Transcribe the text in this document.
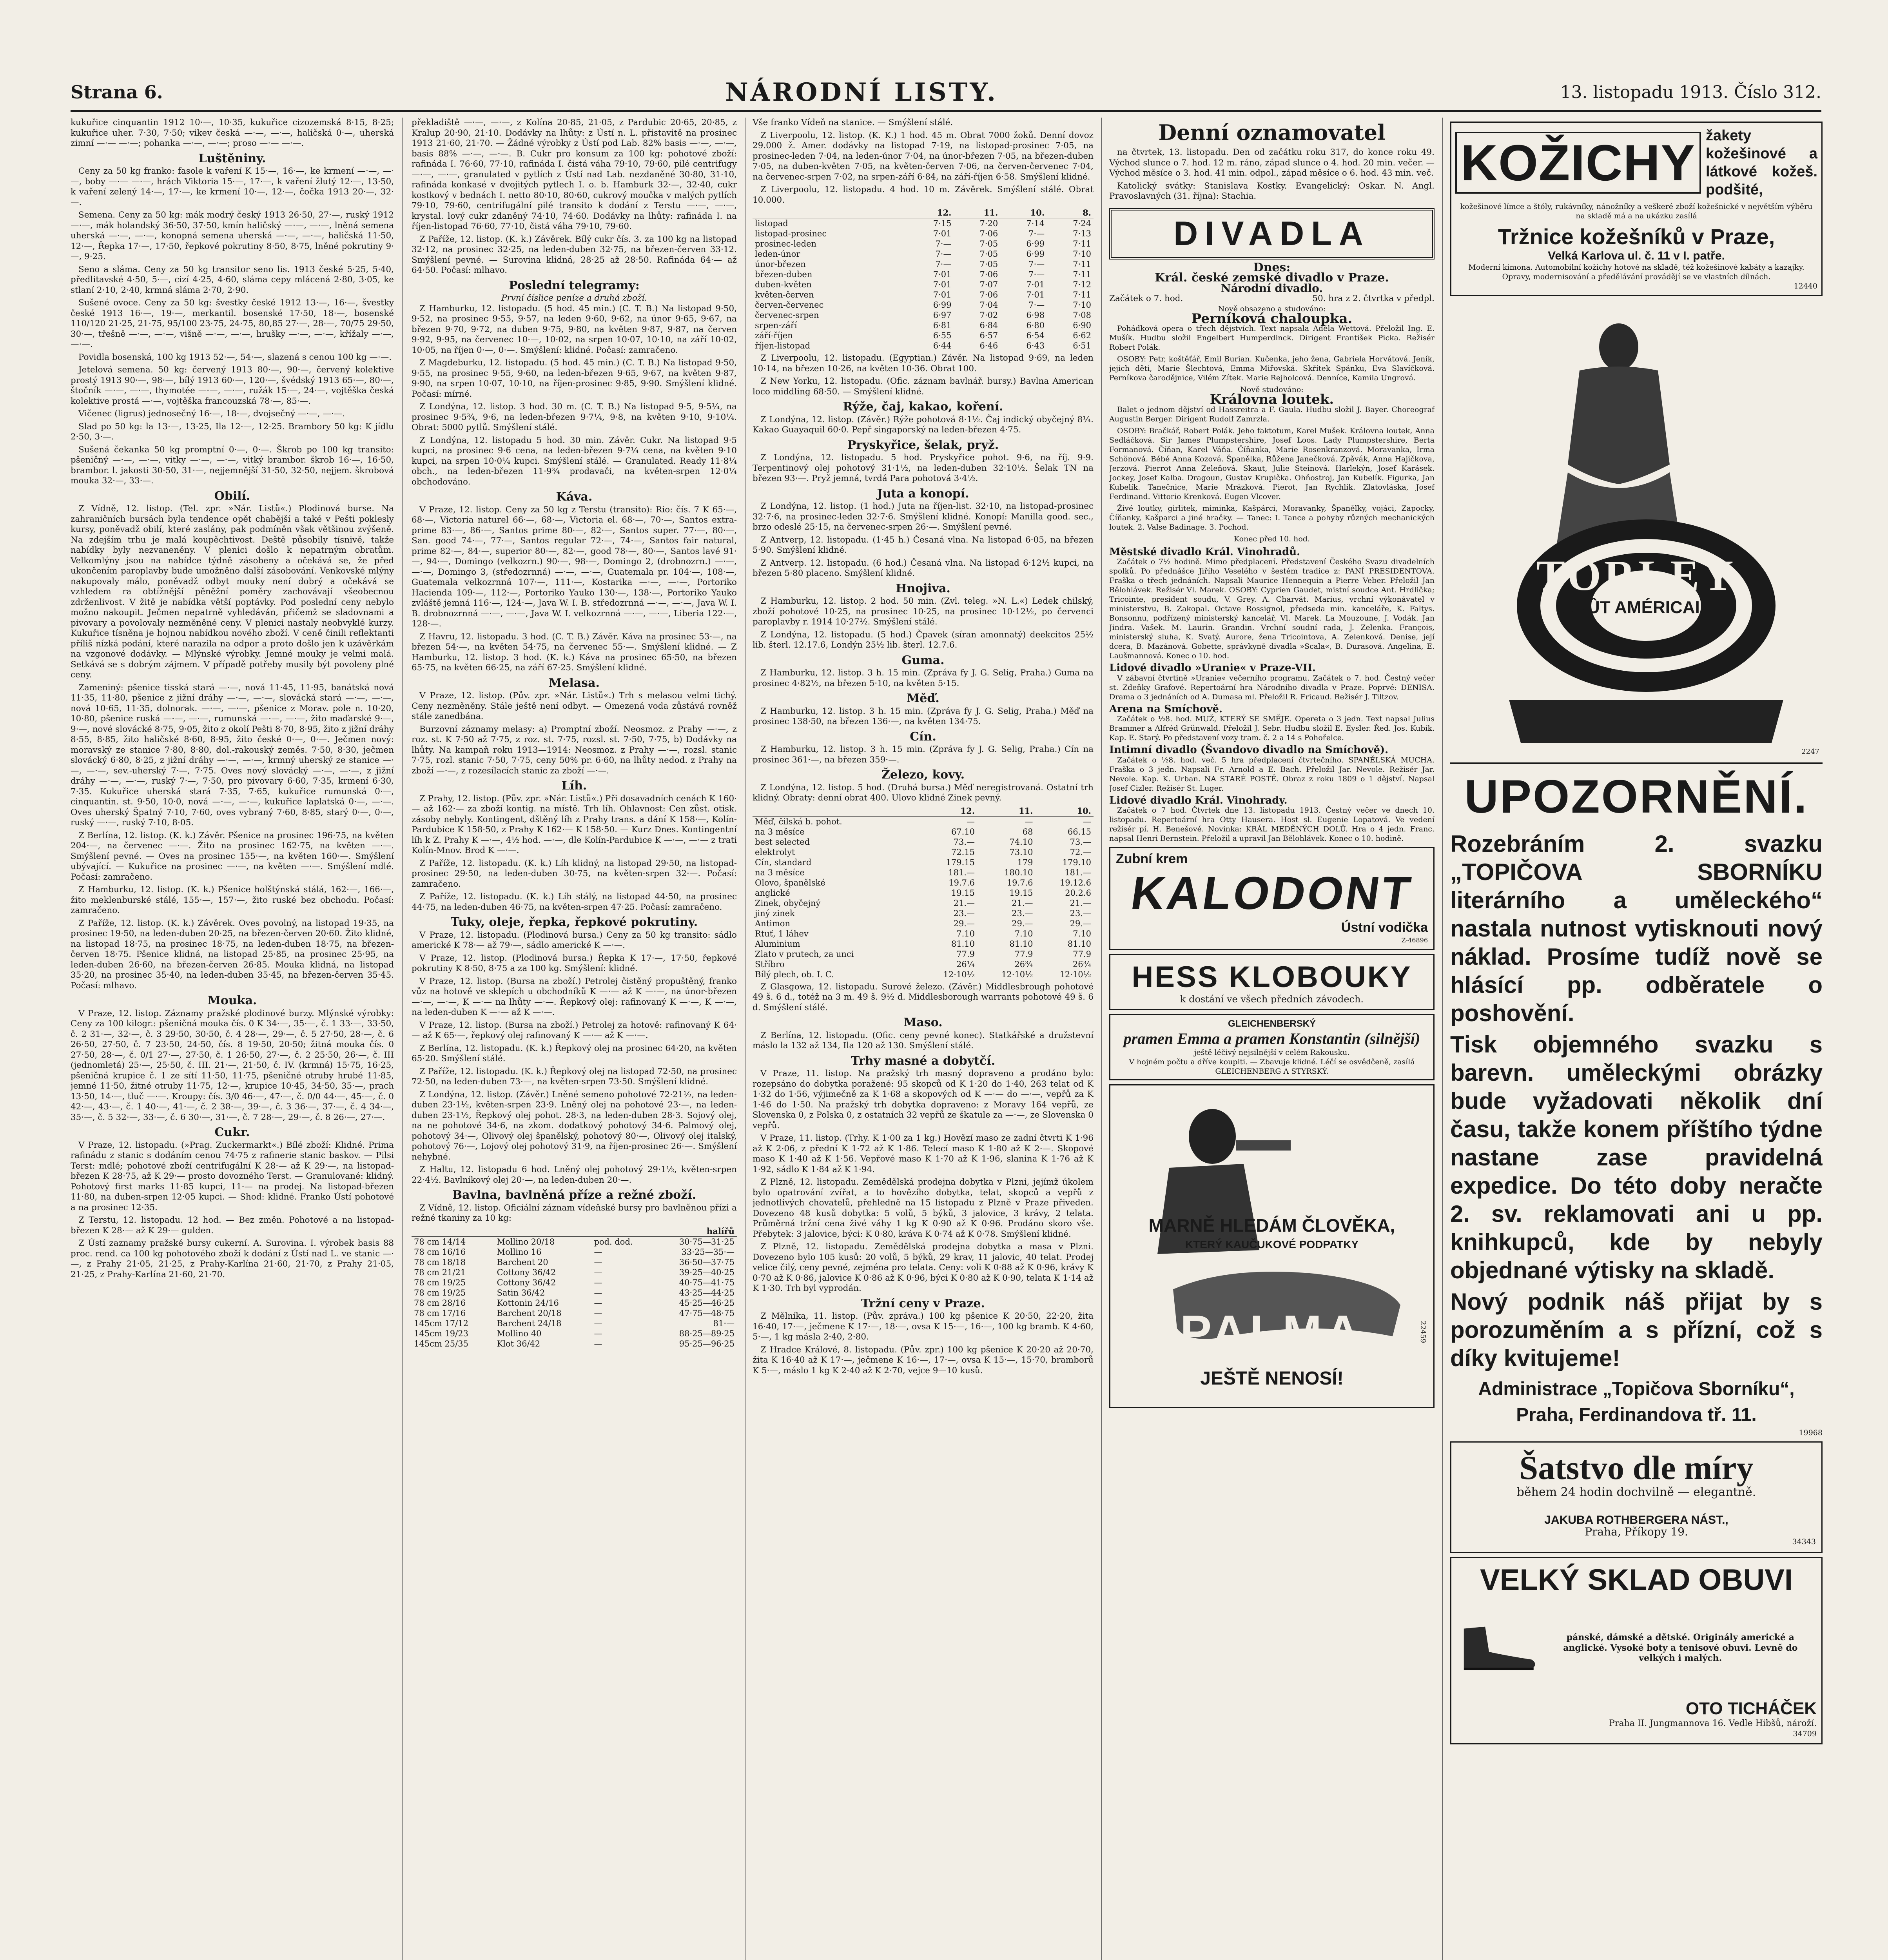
Strana 6.	NÁRODNÍ LISTY.	13. listopadu 1913. Číslo 312.
kukuřice cinquantin 1912 10·—, 10·35, kukuřice cizozemská 8·15, 8·25; kukuřice uher. 7·30, 7·50; vikev česká —·—, —·—, haličská 0·—, uherská zimní —·— —·—; pohanka —·—, —·—; proso —·— —·—.
Luštěniny.

Ceny za 50 kg franko: fasole k vaření K 15·—, 16·—, ke krmení —·—, —·—, boby —·— —·—, hrách Viktoria 15·—, 17·—, k vaření žlutý 12·—, 13·50, k vaření zelený 14·—, 17·—, ke krmení 10·—, 12·—, čočka 1913 20·—, 32·—.

Semena. Ceny za 50 kg: mák modrý český 1913 26·50, 27·—, ruský 1912 —·—, mák holandský 36·50, 37·50, kmín haličský —·—, —·—, lněná semena uherská —·—, —·—, konopná semena uherská —·—, —·—, haličská 11·50, 12·—, Řepka 17·—, 17·50, řepkové pokrutiny 8·50, 8·75, lněné pokrutiny 9·—, 9·25.

Seno a sláma. Ceny za 50 kg transitor seno lis. 1913 české 5·25, 5·40, předlitavské 4·50, 5·—, cizí 4·25, 4·60, sláma cepy mlácená 2·80, 3·05, ke stlaní 2·10, 2·40, krmná sláma 2·70, 2·90.

Sušené ovoce. Ceny za 50 kg: švestky české 1912 13·—, 16·—, švestky české 1913 16·—, 19·—, merkantil. bosenské 17·50, 18·—, bosenské 110/120 21·25, 21·75, 95/100 23·75, 24·75, 80,85 27·—, 28·—, 70/75 29·50, 30·—, třešně —·—, —·—, višně —·—, —·—, hrušky —·—, —·—, křížaly —·—, —·—.

Povidla bosenská, 100 kg 1913 52·—, 54·—, slazená s cenou 100 kg —·—.

Jetelová semena. 50 kg: červený 1913 80·—, 90·—, červený kolektive prostý 1913 90·—, 98·—, bílý 1913 60·—, 120·—, švédský 1913 65·—, 80·—, štočník —·—, —·—, thymotée —·—, —·—, ružák 15·—, 24·—, vojtěška česká kolektive prostá —·—, vojtěška francouzská 78·—, 85·—.

Vičenec (ligrus) jednosečný 16·—, 18·—, dvojsečný —·—, —·—.

Slad po 50 kg: la 13·—, 13·25, Ila 12·—, 12·25. Brambory 50 kg: K jídlu 2·50, 3·—.

Sušená čekanka 50 kg promptní 0·—, 0·—. Škrob po 100 kg transito: pšeničný —·—, —·—, vitky —·—, —·—, vitký brambor. škrob 16·—, 16·50, brambor. l. jakosti 30·50, 31·—, nejjemnější 31·50, 32·50, nejjem. škrobová mouka 32·—, 33·—.

Obilí.

Z Vídně, 12. listop. (Tel. zpr. »Nár. Listů«.) Plodinová burse. Na zahraničních bursách byla tendence opět chabější a také v Pešti poklesly kursy, poněvadž obilí, které zaslány, pak podmíněn však většinou zvýšeně. Na zdejším trhu je malá koupěchtivost. Deště působily tísnivě, takže nabídky byly nezvaneněny. V plenici došlo k nepatrným obratům. Velkomlýny jsou na nabídce týdně zásobeny a očekává se, že před ukončením paroplavby bude umožněno další zásobování. Venkovské mlýny nakupovaly málo, poněvadž odbyt mouky není dobrý a očekává se vzhledem ra obtížnější pěněžní poměry zachovávají všeobecnou zdrženlivost. V žitě je nabídka větší poptávky. Pod poslední ceny nebylo možno nakoupit. Ječmen nepatrně vyhledáván, přičemž se sladovnami a pivovary a povolovaly nezměněné ceny. V plenici nastaly neobvyklé kurzy. Kukuřice tísněna je hojnou nabídkou nového zboží. V ceně činili reflektanti příliš nízká podání, které narazila na odpor a proto došlo jen k uzávěrkám na vzgonové dodávky. — Mlýnské výrobky. Jemné mouky je velmi malá. Setkává se s dobrým zájmem. V případě potřeby musily být povoleny plné ceny.

Zameniný: pšenice tisská stará —·—, nová 11·45, 11·95, banátská nová 11·35, 11·80, pšenice z jižní dráhy —·—, —·—, slovácká stará —·—, —·—, nová 10·65, 11·35, dolnorak. —·—, —·—, pšenice z Morav. pole n. 10·20, 10·80, pšenice ruská —·—, —·—, rumunská —·—, —·—, žito maďarské 9·—, 9·—, nové slovácké 8·75, 9·05, žito z okolí Pešti 8·70, 8·95, žito z jižní dráhy 8·55, 8·85, žito haličské 8·60, 8·95, žito české 0·—, 0·—. Ječmen nový: moravský ze stanice 7·80, 8·80, dol.-rakouský zeměs. 7·50, 8·30, ječmen slovácký 6·80, 8·25, z jižní dráhy —·—, —·—, krmný uherský ze stanice —·—, —·—, sev.-uherský 7·—, 7·75. Oves nový slovácký —·—, —·—, z jižní dráhy —·—, —·—, ruský 7·—, 7·50, pro pivovary 6·60, 7·35, krmení 6·30, 7·35. Kukuřice uherská stará 7·35, 7·65, kukuřice rumunská 0·—, cinquantin. st. 9·50, 10·0, nová —·—, —·—, kukuřice laplatská 0·—, —·—. Oves uherský Špatný 7·10, 7·60, oves vybraný 7·60, 8·85, starý 0·—, 0·—, ruský —·—, ruský 7·10, 8·05.

Z Berlína, 12. listop. (K. k.) Závěr. Pšenice na prosinec 196·75, na květen 204·—, na červenec —·—. Žito na prosinec 162·75, na květen —·—. Smýšlení pevné. — Oves na prosinec 155·—, na květen 160·—. Smýšlení ubývající. — Kukuřice na prosinec —·—, na květen —·—. Smýšlení mdlé. Počasí: zamračeno.

Z Hamburku, 12. listop. (K. k.) Pšenice holštýnská stálá, 162·—, 166·—, žito meklenburské stálé, 155·—, 157·—, žito ruské bez obchodu. Počasí: zamračeno.

Z Paříže, 12. listop. (K. k.) Závěrek. Oves povolný, na listopad 19·35, na prosinec 19·50, na leden-duben 20·25, na březen-červen 20·60. Žito klidné, na listopad 18·75, na prosinec 18·75, na leden-duben 18·75, na březen-červen 18·75. Pšenice klidná, na listopad 25·85, na prosinec 25·95, na leden-duben 26·60, na březen-červen 26·85. Mouka klidná, na listopad 35·20, na prosinec 35·40, na leden-duben 35·45, na březen-červen 35·45. Počasí: mlhavo.

Mouka.

V Praze, 12. listop. Záznamy pražské plodinové burzy. Mlýnské výrobky: Ceny za 100 kilogr.: pšeničná mouka čís. 0 K 34·—, 35·—, č. 1 33·—, 33·50, č. 2 31·—, 32·—, č. 3 29·50, 30·50, č. 4 28·—, 29·—, č. 5 27·50, 28·—, č. 6 26·50, 27·50, č. 7 23·50, 24·50, čís. 8 19·50, 20·50; žitná mouka čís. 0 27·50, 28·—, č. 0/1 27·—, 27·50, č. 1 26·50, 27·—, č. 2 25·50, 26·—, č. III (jednomletá) 25·—, 25·50, č. III. 21·—, 21·50, č. IV. (krmná) 15·75, 16·25, pšeničná krupice č. 1 ze sítí 11·50, 11·75, pšeničné otruby hrubé 11·85, jemné 11·50, žitné otruby 11·75, 12·—, krupice 10·45, 34·50, 35·—, prach 13·50, 14·—, tluč —·—. Kroupy: čís. 3/0 46·—, 47·—, č. 0/0 44·—, 45·—, č. 0 42·—, 43·—, č. 1 40·—, 41·—, č. 2 38·—, 39·—, č. 3 36·—, 37·—, č. 4 34·—, 35·—, č. 5 32·—, 33·—, č. 6 30·—, 31·—, č. 7 28·—, 29·—, č. 8 26·—, 27·—.

Cukr.

V Praze, 12. listopadu. (»Prag. Zuckermarkt«.) Bílé zboží: Klidné. Prima rafinádu z stanic s dodáním cenou 74·75 z rafinerie stanic baskov. — Pilsi Terst: mdlé; pohotové zboží centrifugální K 28·— až K 29·—, na listopad-březen K 28·75, až K 29·— prosto dovozného Terst. — Granulované: klidný. Pohotový first marks 11·85 kupci, 11·— na prodej. Na listopad-březen 11·80, na duben-srpen 12·05 kupci. — Shod: klidné. Franko Ústí pohotové a na prosinec 12·35.

Z Terstu, 12. listopadu. 12 hod. — Bez změn. Pohotové a na listopad-březen K 28·— až K 29·— gulden.

Z Ústí zaznamy pražské bursy cukerní. A. Surovina. I. výrobek basis 88 proc. rend. ca 100 kg pohotového zboží k dodání z Ústí nad L. ve stanic —·—, z Prahy 21·05, 21·25, z Prahy-Karlína 21·60, 21·70, z Prahy 21·05, 21·25, z Prahy-Karlína 21·60, 21·70.

překladiště —·—, —·—, z Kolína 20·85, 21·05, z Pardubic 20·65, 20·85, z Kralup 20·90, 21·10. Dodávky na lhůty: z Ústí n. L. přistavitě na prosinec 1913 21·60, 21·70. — Žádné výrobky z Ústí pod Lab. 82% basis —·—, —·—, basis 88% —·—, —·—. B. Cukr pro konsum za 100 kg: pohotové zboží: rafináda I. 76·60, 77·10, rafináda I. čistá váha 79·10, 79·60, pilé centrifugy —·—, —·—, granulated v pytlích z Ústí nad Lab. nezdaněné 30·80, 31·10, rafináda konkasé v dvojitých pytlech I. o. b. Hamburk 32·—, 32·40, cukr kostkový v bednách I. netto 80·10, 80·60, cukrový moučka v malých pytlích 79·10, 79·60, centrifugální pilé transito k dodání z Terstu —·—, —·—, krystal. lový cukr zdaněný 74·10, 74·60. Dodávky na lhůty: rafináda I. na říjen-listopad 76·60, 77·10, čistá váha 79·10, 79·60.

Z Paříže, 12. listop. (K. k.) Závěrek. Bílý cukr čís. 3. za 100 kg na listopad 32·12, na prosinec 32·25, na leden-duben 32·75, na březen-červen 33·12. Smýšlení pevné. — Surovina klidná, 28·25 až 28·50. Rafináda 64·— až 64·50. Počasí: mlhavo.

Poslední telegramy:
První číslice peníze a druhá zboží.

Z Hamburku, 12. listopadu. (5 hod. 45 min.) (C. T. B.) Na listopad 9·50, 9·52, na prosinec 9·55, 9·57, na leden 9·60, 9·62, na únor 9·65, 9·67, na březen 9·70, 9·72, na duben 9·75, 9·80, na květen 9·87, 9·87, na červen 9·92, 9·95, na červenec 10·—, 10·02, na srpen 10·07, 10·10, na září 10·02, 10·05, na říjen 0·—, 0·—. Smýšlení: klidné. Počasí: zamračeno.

Z Magdeburku, 12. listopadu. (5 hod. 45 min.) (C. T. B.) Na listopad 9·50, 9·55, na prosinec 9·55, 9·60, na leden-březen 9·65, 9·67, na květen 9·87, 9·90, na srpen 10·07, 10·10, na říjen-prosinec 9·85, 9·90. Smýšlení klidné. Počasí: mírné.

Z Londýna, 12. listop. 3 hod. 30 m. (C. T. B.) Na listopad 9·5, 9·5¼, na prosinec 9·5¾, 9·6, na leden-březen 9·7¼, 9·8, na květen 9·10, 9·10¼. Obrat: 5000 pytlů. Smýšlení stálé.

Z Londýna, 12. listopadu 5 hod. 30 min. Závěr. Cukr. Na listopad 9·5 kupci, na prosinec 9·6 cena, na leden-březen 9·7¼ cena, na květen 9·10 kupci, na srpen 10·0¼ kupci. Smýšlení stálé. — Granulated. Ready 11·8¼ obch., na leden-březen 11·9¾ prodavači, na květen-srpen 12·0¼ obchodováno.

Káva.

V Praze, 12. listop. Ceny za 50 kg z Terstu (transito): Rio: čís. 7 K 65·—, 68·—, Victoria naturel 66·—, 68·—, Victoria el. 68·—, 70·—, Santos extra-prime 83·—, 86·—, Santos prime 80·—, 82·—, Santos super. 77·—, 80·—, San. good 74·—, 77·—, Santos regular 72·—, 74·—, Santos fair natural, prime 82·—, 84·—, superior 80·—, 82·—, good 78·—, 80·—, Santos lavé 91·—, 94·—, Domingo (velkozrn.) 90·—, 98·—, Domingo 2, (drobnozrn.) —·—, —·—, Domingo 3, (středozrnná) —·—, —·—, Guatemala pr. 104·—, 108·—, Guatemala velkozrnná 107·—, 111·—, Kostarika —·—, —·—, Portoriko Hacienda 109·—, 112·—, Portoriko Yauko 130·—, 138·—, Portoriko Yauko zvláště jemná 116·—, 124·—, Java W. I. B. středozrnná —·—, —·—, Java W. I. B. drobnozrnná —·—, —·—, Java W. I. velkozrnná —·—, —·—, Liberia 122·—, 128·—.

Z Havru, 12. listopadu. 3 hod. (C. T. B.) Závěr. Káva na prosinec 53·—, na březen 54·—, na květen 54·75, na červenec 55·—. Smýšlení klidné. — Z Hamburku, 12. listop. 3 hod. (K. k.) Káva na prosinec 65·50, na březen 65·75, na květen 66·25, na září 67·25. Smýšlení klidné.

Melasa.

V Praze, 12. listop. (Pův. zpr. »Nár. Listů«.) Trh s melasou velmi tichý. Ceny nezměněny. Stále ještě není odbyt. — Omezená voda zůstává rovněž stále zanedbána.

Burzovní záznamy melasy: a) Promptní zboží. Neosmoz. z Prahy —·—, z roz. st. K 7·50 až 7·75, z roz. st. 7·75, rozsl. st. 7·50, 7·75, b) Dodávky na lhůty. Na kampaň roku 1913—1914: Neosmoz. z Prahy —·—, rozsl. stanic 7·75, rozl. stanic 7·50, 7·75, ceny 50% pr. 6·60, na lhůty nedod. z Prahy na zboží —·—, z rozesílacích stanic za zboží —·—.

Líh.

Z Prahy, 12. listop. (Pův. zpr. »Nár. Listů«.) Při dosavadních cenách K 160·— až 162·— za zboží kontig. na místě. Trh líh. Ohlavnost: Cen zůst. otisk. zásoby nebyly. Kontingent, dštěný líh z Prahy trans. a dání K 158·—, Kolín-Pardubice K 158·50, z Prahy K 162·— K 158·50. — Kurz Dnes. Kontingentní líh k Z. Prahy K —·—, 4½ hod. —·—, dle Kolín-Pardubice K —·—, —·— z trati Kolín-Mnov. Brod K —·—.

Z Paříže, 12. listopadu. (K. k.) Líh klidný, na listopad 29·50, na listopad-prosinec 29·50, na leden-duben 30·75, na květen-srpen 32·—. Počasí: zamračeno.

Z Paříže, 12. listopadu. (K. k.) Líh stálý, na listopad 44·50, na prosinec 44·75, na leden-duben 46·75, na květen-srpen 47·25. Počasí: zamračeno.

Tuky, oleje, řepka, řepkové pokrutiny.

V Praze, 12. listopadu. (Plodinová bursa.) Ceny za 50 kg transito: sádlo americké K 78·— až 79·—, sádlo americké K —·—.

V Praze, 12. listop. (Plodinová bursa.) Řepka K 17·—, 17·50, řepkové pokrutiny K 8·50, 8·75 a za 100 kg. Smýšlení: klidné.

V Praze, 12. listop. (Bursa na zboží.) Petrolej čistěný propuštěný, franko vůz na hotově ve sklepích u obchodníků K —·— až K —·—, na únor-březen —·—, —·—, K —·— na lhůty —·—. Řepkový olej: rafinovaný K —·—, K —·—, na leden-duben K —·— až K —·—.

V Praze, 12. listop. (Bursa na zboží.) Petrolej za hotově: rafinovaný K 64·— až K 65·—, řepkový olej rafinovaný K —·— až K —·—.

Z Berlína, 12. listopadu. (K. k.) Řepkový olej na prosinec 64·20, na květen 65·20. Smýšlení stálé.

Z Paříže, 12. listopadu. (K. k.) Řepkový olej na listopad 72·50, na prosinec 72·50, na leden-duben 73·—, na květen-srpen 73·50. Smýšlení klidné.

Z Londýna, 12. listop. (Závěr.) Lněné semeno pohotové 72·21½, na leden-duben 23·1½, květen-srpen 23·9. Lněný olej na pohotové 23·—, na leden-duben 23·1½, Řepkový olej pohot. 28·3, na leden-duben 28·3. Sojový olej, na ne pohotové 34·6, na zkom. dodatkový pohotový 34·6. Palmový olej, pohotový 34·—, Olivový olej španělský, pohotový 80·—, Olivový olej italský, pohotový 76·—, Lojový olej pohotový 31·9, na říjen-prosinec 26·—. Smýšlení nehybné.

Z Haltu, 12. listopadu 6 hod. Lněný olej pohotový 29·1½, květen-srpen 22·4½. Bavlníkový olej 20·—, na leden-duben 20·—.

Bavlna, bavlněná příze a režné zboží.

Z Vídně, 12. listop. Oficiální záznam vídeňské bursy pro bavlněnou přízi a režné tkaniny za 10 kg:

			halířů
78 cm 14/14	Mollino 20/18	pod. dod.	30·75—31·25
78 cm 16/16	Mollino 16	—	33·25—35·—
78 cm 18/18	Barchent 20	—	36·50—37·75
78 cm 21/21	Cottony 36/42	—	39·25—40·25
78 cm 19/25	Cottony 36/42	—	40·75—41·75
78 cm 19/25	Satin 36/42	—	43·25—44·25
78 cm 28/16	Kottonin 24/16	—	45·25—46·25
78 cm 17/16	Barchent 20/18	—	47·75—48·75
145cm 17/12	Barchent 24/18	—	81·—
145cm 19/23	Mollino 40	—	88·25—89·25
145cm 25/35	Klot 36/42	—	95·25—96·25
Vše franko Vídeň na stanice. — Smýšlení stálé.

Z Liverpoolu, 12. listop. (K. K.) 1 hod. 45 m. Obrat 7000 žoků. Denní dovoz 29.000 ž. Amer. dodávky na listopad 7·19, na listopad-prosinec 7·05, na prosinec-leden 7·04, na leden-únor 7·04, na únor-březen 7·05, na březen-duben 7·05, na duben-květen 7·05, na květen-červen 7·06, na červen-červenec 7·04, na červenec-srpen 7·02, na srpen-září 6·84, na září-říjen 6·58. Smýšlení klidné.

Z Liverpoolu, 12. listopadu. 4 hod. 10 m. Závěrek. Smýšlení stálé. Obrat 10.000.

	12.	11.	10.	8.
listopad	7·15	7·20	7·14	7·24
listopad-prosinec	7·01	7·06	7·—	7·13
prosinec-leden	7·—	7·05	6·99	7·11
leden-únor	7·—	7·05	6·99	7·10
únor-březen	7·—	7·05	7·—	7·11
březen-duben	7·01	7·06	7·—	7·11
duben-květen	7·01	7·07	7·01	7·12
květen-červen	7·01	7·06	7·01	7·11
červen-červenec	6·99	7·04	7·—	7·10
červenec-srpen	6·97	7·02	6·98	7·08
srpen-září	6·81	6·84	6·80	6·90
září-říjen	6·55	6·57	6·54	6·62
říjen-listopad	6·44	6·46	6·43	6·51

Z Liverpoolu, 12. listopadu. (Egyptian.) Závěr. Na listopad 9·69, na leden 10·14, na březen 10·26, na květen 10·36. Obrat 100.

Z New Yorku, 12. listopadu. (Ofic. záznam bavlnář. bursy.) Bavlna American loco middling 68·50. — Smýšlení klidné.

Rýže, čaj, kakao, koření.

Z Londýna, 12. listop. (Závěr.) Rýže pohotová 8·1½. Čaj indický obyčejný 8¼. Kakao Guayaquil 60·0. Pepř singaporský na leden-březen 4·75.

Pryskyřice, šelak, pryž.

Z Londýna, 12. listopadu. 5 hod. Pryskyřice pohot. 9·6, na říj. 9·9. Terpentinový olej pohotový 31·1½, na leden-duben 32·10½. Šelak TN na březen 93·—. Pryž jemná, tvrdá Para pohotová 3·4½.

Juta a konopí.

Z Londýna, 12. listop. (1 hod.) Juta na říjen-list. 32·10, na listopad-prosinec 32·7·6, na prosinec-leden 32·7·6. Smýšlení klidné. Konopí: Manilla good. sec., brzo odeslé 25·15, na červenec-srpen 26·—. Smýšlení pevné.

Z Antverp, 12. listopadu. (1·45 h.) Česaná vlna. Na listopad 6·05, na březen 5·90. Smýšlení klidné.

Z Antverp. 12. listopadu. (6 hod.) Česaná vlna. Na listopad 6·12½ kupci, na březen 5·80 placeno. Smýšlení klidné.

Hnojiva.

Z Hamburku, 12. listop. 2 hod. 50 min. (Zvl. teleg. »N. L.«) Ledek chilský, zboží pohotové 10·25, na prosinec 10·25, na prosinec 10·12½, po červenci paroplavby r. 1914 10·27½. Smýšlení stálé.

Z Londýna, 12. listopadu. (5 hod.) Čpavek (síran amonnatý) deekcitos 25½ lib. šterl. 12.17.6, Londýn 25½ lib. šterl. 12.7.6.

Guma.

Z Hamburku, 12. listop. 3 h. 15 min. (Zpráva fy J. G. Selig, Praha.) Guma na prosinec 4·82½, na březen 5·10, na květen 5·15.

Měď.

Z Hamburku, 12. listop. 3 h. 15 min. (Zpráva fy J. G. Selig, Praha.) Měď na prosinec 138·50, na březen 136·—, na květen 134·75.

Cín.

Z Hamburku, 12. listop. 3 h. 15 min. (Zpráva fy J. G. Selig, Praha.) Cín na prosinec 361·—, na březen 359·—.

Železo, kovy.

Z Londýna, 12. listop. 5 hod. (Druhá bursa.) Měď neregistrovaná. Ostatní trh klidný. Obraty: denní obrat 400. Ulovo klidné Zinek pevný.

	12.	11.	10.
Měď, čilská b. pohot.	—	—	—
na 3 měsíce	67.10	68	66.15
best selected	73.—	74.10	73.—
elektrolyt	72.15	73.10	72.—
Cín, standard	179.15	179	179.10
na 3 měsíce	181.—	180.10	181.—
Olovo, španělské	19.7.6	19.7.6	19.12.6
anglické	19.15	19.15	20.2.6
Zinek, obyčejný	21.—	21.—	21.—
jiný zinek	23.—	23.—	23.—
Antimon	29.—	29.—	29.—
Rtuť, 1 láhev	7.10	7.10	7.10
Aluminium	81.10	81.10	81.10
Zlato v prutech, za unci	77.9	77.9	77.9
Stříbro	26¼	26¾	26¾
Bílý plech, ob. I. C.	12·10½	12·10½	12·10½

Z Glasgowa, 12. listopadu. Surové železo. (Závěr.) Middlesbrough pohotové 49 š. 6 d., totéž na 3 m. 49 š. 9½ d. Middlesborough warrants pohotové 49 š. 6 d. Smýšlení stálé.

Maso.

Z Berlína, 12. listopadu. (Ofic. ceny pevné konec). Statkářské a družstevní máslo la 132 až 134, Ila 120 až 130. Smýšlení stálé.

Trhy masné a dobytčí.

V Praze, 11. listop. Na pražský trh masný dopraveno a prodáno bylo: rozepsáno do dobytka poražené: 95 skopců od K 1·20 do 1·40, 263 telat od K 1·32 do 1·56, výjimečně za K 1·68 a skopových od K —·— do —·—, vepřů za K 1·46 do 1·50. Na pražský trh dobytka dopraveno: z Moravy 164 vepřů, ze Slovenska 0, z Polska 0, z ostatních 32 vepřů ze škatule za —·—, ze Slovenska 0 vepřů.

V Praze, 11. listop. (Trhy. K 1·00 za 1 kg.) Hovězí maso ze zadní čtvrti K 1·96 až K 2·06, z přední K 1·72 až K 1·86. Telecí maso K 1·80 až K 2·—. Skopové maso K 1·40 až K 1·56. Vepřové maso K 1·70 až K 1·96, slanina K 1·76 až K 1·92, sádlo K 1·84 až K 1·94.

Z Plzně, 12. listopadu. Zemědělská prodejna dobytka v Plzni, jejímž úkolem bylo opatrování zvířat, a to hovězího dobytka, telat, skopců a vepřů z jednotlivých chovatelů, přehledně na 15 listopadu z Plzně v Praze přiveden. Dovezeno 48 kusů dobytka: 5 volů, 5 býků, 3 jalovice, 3 krávy, 2 telata. Průměrná tržní cena živé váhy 1 kg K 0·90 až K 0·96. Prodáno skoro vše. Přebytek: 3 jalovice, býci: K 0·80, kráva K 0·74 až K 0·78. Smýšlení klidné.

Z Plzně, 12. listopadu. Zemědělská prodejna dobytka a masa v Plzni. Dovezeno bylo 105 kusů: 20 volů, 5 býků, 29 krav, 11 jalovic, 40 telat. Prodej velice čilý, ceny pevné, zejména pro telata. Ceny: voli K 0·88 až K 0·96, krávy K 0·70 až K 0·86, jalovice K 0·86 až K 0·96, býci K 0·80 až K 0·90, telata K 1·14 až K 1·30. Trh byl vyprodán.

Tržní ceny v Praze.

Z Mělníka, 11. listop. (Pův. zpráva.) 100 kg pšenice K 20·50, 22·20, žita 16·40, 17·—, ječmene K 17·—, 18·—, ovsa K 15·—, 16·—, 100 kg bramb. K 4·60, 5·—, 1 kg másla 2·40, 2·80.

Z Hradce Králové, 8. listopadu. (Pův. zpr.) 100 kg pšenice K 20·20 až 20·70, žita K 16·40 až K 17·—, ječmene K 16·—, 17·—, ovsa K 15·—, 15·70, bramborů K 5·—, máslo 1 kg K 2·40 až K 2·70, vejce 9—10 kusů.

Denní oznamovatel

na čtvrtek, 13. listopadu. Den od začátku roku 317, do konce roku 49. Východ slunce o 7. hod. 12 m. ráno, západ slunce o 4. hod. 20 min. večer. — Východ měsíce o 3. hod. 41 min. odpol., západ měsíce o 6. hod. 43 min. več.

Katolický svátky: Stanislava Kostky. Evangelický: Oskar. N. Angl. Pravoslavných (31. října): Stachia.

DIVADLA
Dnes:
Král. české zemské divadlo v Praze.
Národní divadlo.
Začátek o 7. hod.	50. hra z 2. čtvrtka v předpl.
Nově obsazeno a studováno:
Perníková chaloupka.

Pohádková opera o třech dějstvích. Text napsala Adéla Wettová. Přeložil Ing. E. Mušík. Hudbu složil Engelbert Humperdinck. Dirigent František Picka. Režisér Robert Polák.

OSOBY: Petr, koštěťář, Emil Burian. Kučenka, jeho žena, Gabriela Horvátová. Jeník, jejich děti, Marie Šlechtová, Emma Miřovská. Skřítek Spánku, Eva Slavíčková. Perníkova čarodějnice, Vilém Zítek. Marie Rejholcová. Denníce, Kamila Ungrová.

Nově studováno:
Královna loutek.

Balet o jednom dějství od Hassreitra a F. Gaula. Hudbu složil J. Bayer. Choreograf Augustin Berger. Dirigent Rudolf Zamrzla.

OSOBY: Bračkář, Robert Polák. Jeho faktotum, Karel Mušek. Královna loutek, Anna Sedláčková. Sir James Plumpstershire, Josef Loos. Lady Plumpstershire, Berta Formanová. Číňan, Karel Váňa. Číňanka, Marie Rosenkranzová. Moravanka, Irma Schönová. Bébé Anna Kozová. Španělka, Růžena Janečková. Zpěvák, Anna Hajičkova, Jerzová. Pierrot Anna Zeleňová. Skaut, Julie Steinová. Harlekýn, Josef Karásek. Jockey, Josef Kalba. Dragoun, Gustav Krupička. Ohňostroj, Jan Kubelík. Figurka, Jan Kubelík. Tanečnice, Marie Mrázková. Pierot, Jan Rychlík. Zlatovláska, Josef Ferdinand. Vittorio Krenková. Eugen Vlcover.

Živé loutky, girlitek, miminka, Kašpárci, Moravanky, Španělky, vojáci, Zapocky, Číňanky, Kašparci a jiné hračky. — Tanec: I. Tance a pohyby různých mechanických loutek. 2. Valse Badinage. 3. Pochod.

Konec před 10. hod.
Městské divadlo Král. Vinohradů.

Začátek o 7½ hodině. Mimo předplacení. Představení Českého Svazu divadelních spolků. Po přednášce Jiřího Veselého v šestém tradice z: PANÍ PRESIDENTOVA. Fraška o třech jednáních. Napsali Maurice Hennequin a Pierre Veber. Přeložil Jan Bělohlávek. Režisér Vl. Marek. OSOBY: Cyprien Gaudet, mistní soudce Ant. Hrdlička; Tricointe, president soudu, V. Grey. A. Charvát. Marius, vrchní výkonávatel v ministerstvu, B. Zakopal. Octave Rossignol, předseda min. kanceláře, K. Faltys. Bonsonnu, podřízený ministerský kancelář, Vl. Marek. La Mouzoune, J. Vodák. Jan Jindra. Vašek. M. Laurin. Grandin. Vrchní soudní rada, J. Zelenka. François, ministerský sluha, K. Svatý. Aurore, žena Tricointova, A. Zelenková. Denise, její dcera, B. Mazánová. Gobette, správkyně divadla »Scala«, B. Durasová. Angelina, E. Laušmannová. Konec o 10. hod.

Lidové divadlo »Uranie« v Praze-VII.

V zábavní čtvrtině »Uranie« večerního programu. Začátek o 7. hod. Čestný večer st. Zdeňky Grafové. Repertoární hra Národního divadla v Praze. Poprvé: DENISA. Drama o 3 jednáních od A. Dumasa ml. Přeložil R. Fricaud. Režisér J. Tiltzov.

Arena na Smíchově.

Začátek o ½8. hod. MUŽ, KTERÝ SE SMĚJE. Opereta o 3 jedn. Text napsal Julius Brammer a Alfréd Grünwald. Přeložil J. Sebr. Hudbu složil E. Eysler. Řed. Jos. Kubík. Kap. E. Starý. Po představení vozy tram. č. 2 a 14 s Pohořelce.

Intimní divadlo (Švandovo divadlo na Smíchově).

Začátek o ½8. hod. več. 5 hra předplacení čtvrtečního. SPANĚLSKÁ MUCHA. Fraška o 3 jedn. Napsali Fr. Arnold a E. Bach. Přeložil Jar. Nevole. Režisér Jar. Nevole. Kap. K. Urban. NA STARÉ POSTĚ. Obraz z roku 1809 o 1 dějství. Napsal Josef Cizler. Režisér St. Luger.

Lidové divadlo Král. Vinohrady.

Začátek o 7 hod. Čtvrtek dne 13. listopadu 1913. Čestný večer ve dnech 10. listopadu. Repertoární hra Otty Hausera. Host sl. Eugenie Lopatová. Ve vedení režisér pí. H. Benešové. Novinka: KRÁL MEDĚNÝCH DOLŮ. Hra o 4 jedn. Franc. napsal Henri Bernstein. Přeložil a upravil Jan Bělohlávek. Konec o 10. hodině.

Zubní krem
KALODONT
Ústní vodička
Z-46896
HESS KLOBOUKY
k dostání ve všech předních závodech.
GLEICHENBERSKÝ
pramen Emma a pramen Konstantin (silnější)
ještě léčivý nejsilnější v celém Rakousku.
V hojném počtu a dříve koupiti. — Zbavuje klidné. Léčí se osvědčeně, zasílá GLEICHENBERG A STYRSKÝ.
MARNĚ HLEDÁM ČLOVĚKA,
KTERÝ KAUČUKOVÉ PODPATKY
PALMA
JEŠTĚ NENOSÍ!
22459
KOŽICHY žakety kožešinové a látkové kožeš. podšité,
kožešinové límce a štóly, rukávníky, nánožníky a veškeré zboží kožešnické v největším výběru na skladě má a na ukázku zasílá
Tržnice kožešníků v Praze,
Velká Karlova ul. č. 11 v I. patře.
Moderní kimona. Automobilní kožichy hotové na skladě, též kožešinové kabáty a kazajky. Opravy, modernisování a předělávání provádějí se ve vlastních dílnách.
12440
TORLEY
GOÛT AMÉRICAIN
2247
UPOZORNĚNÍ.
Rozebráním 2. svazku „TOPIČOVA SBORNÍKU literárního a uměleckého“ nastala nutnost vytisknouti nový náklad. Prosíme tudíž nově se hlásící pp. odběratele o poshovění.
Tisk objemného svazku s barevn. uměleckými obrázky bude vyžadovati několik dní času, takže konem příštího týdne nastane zase pravidelná expedice. Do této doby neračte 2. sv. reklamovati ani u pp. knihkupců, kde by nebyly objednané výtisky na skladě.
Nový podnik náš přijat by s porozuměním a s přízní, což s díky kvitujeme!
Administrace „Topičova Sborníku“, Praha, Ferdinandova tř. 11.
19968
Šatstvo dle míry
během 24 hodin dochvilně — elegantně.
JAKUBA ROTHBERGERA NÁST.,
Praha, Příkopy 19.
34343
VELKÝ SKLAD OBUVI
pánské, dámské a dětské. Originály americké a anglické. Vysoké boty a tenisové obuvi. Levně do velkých i malých.
OTO TICHÁČEK
Praha II. Jungmannova 16. Vedle Hibšů, nároží.
34709
